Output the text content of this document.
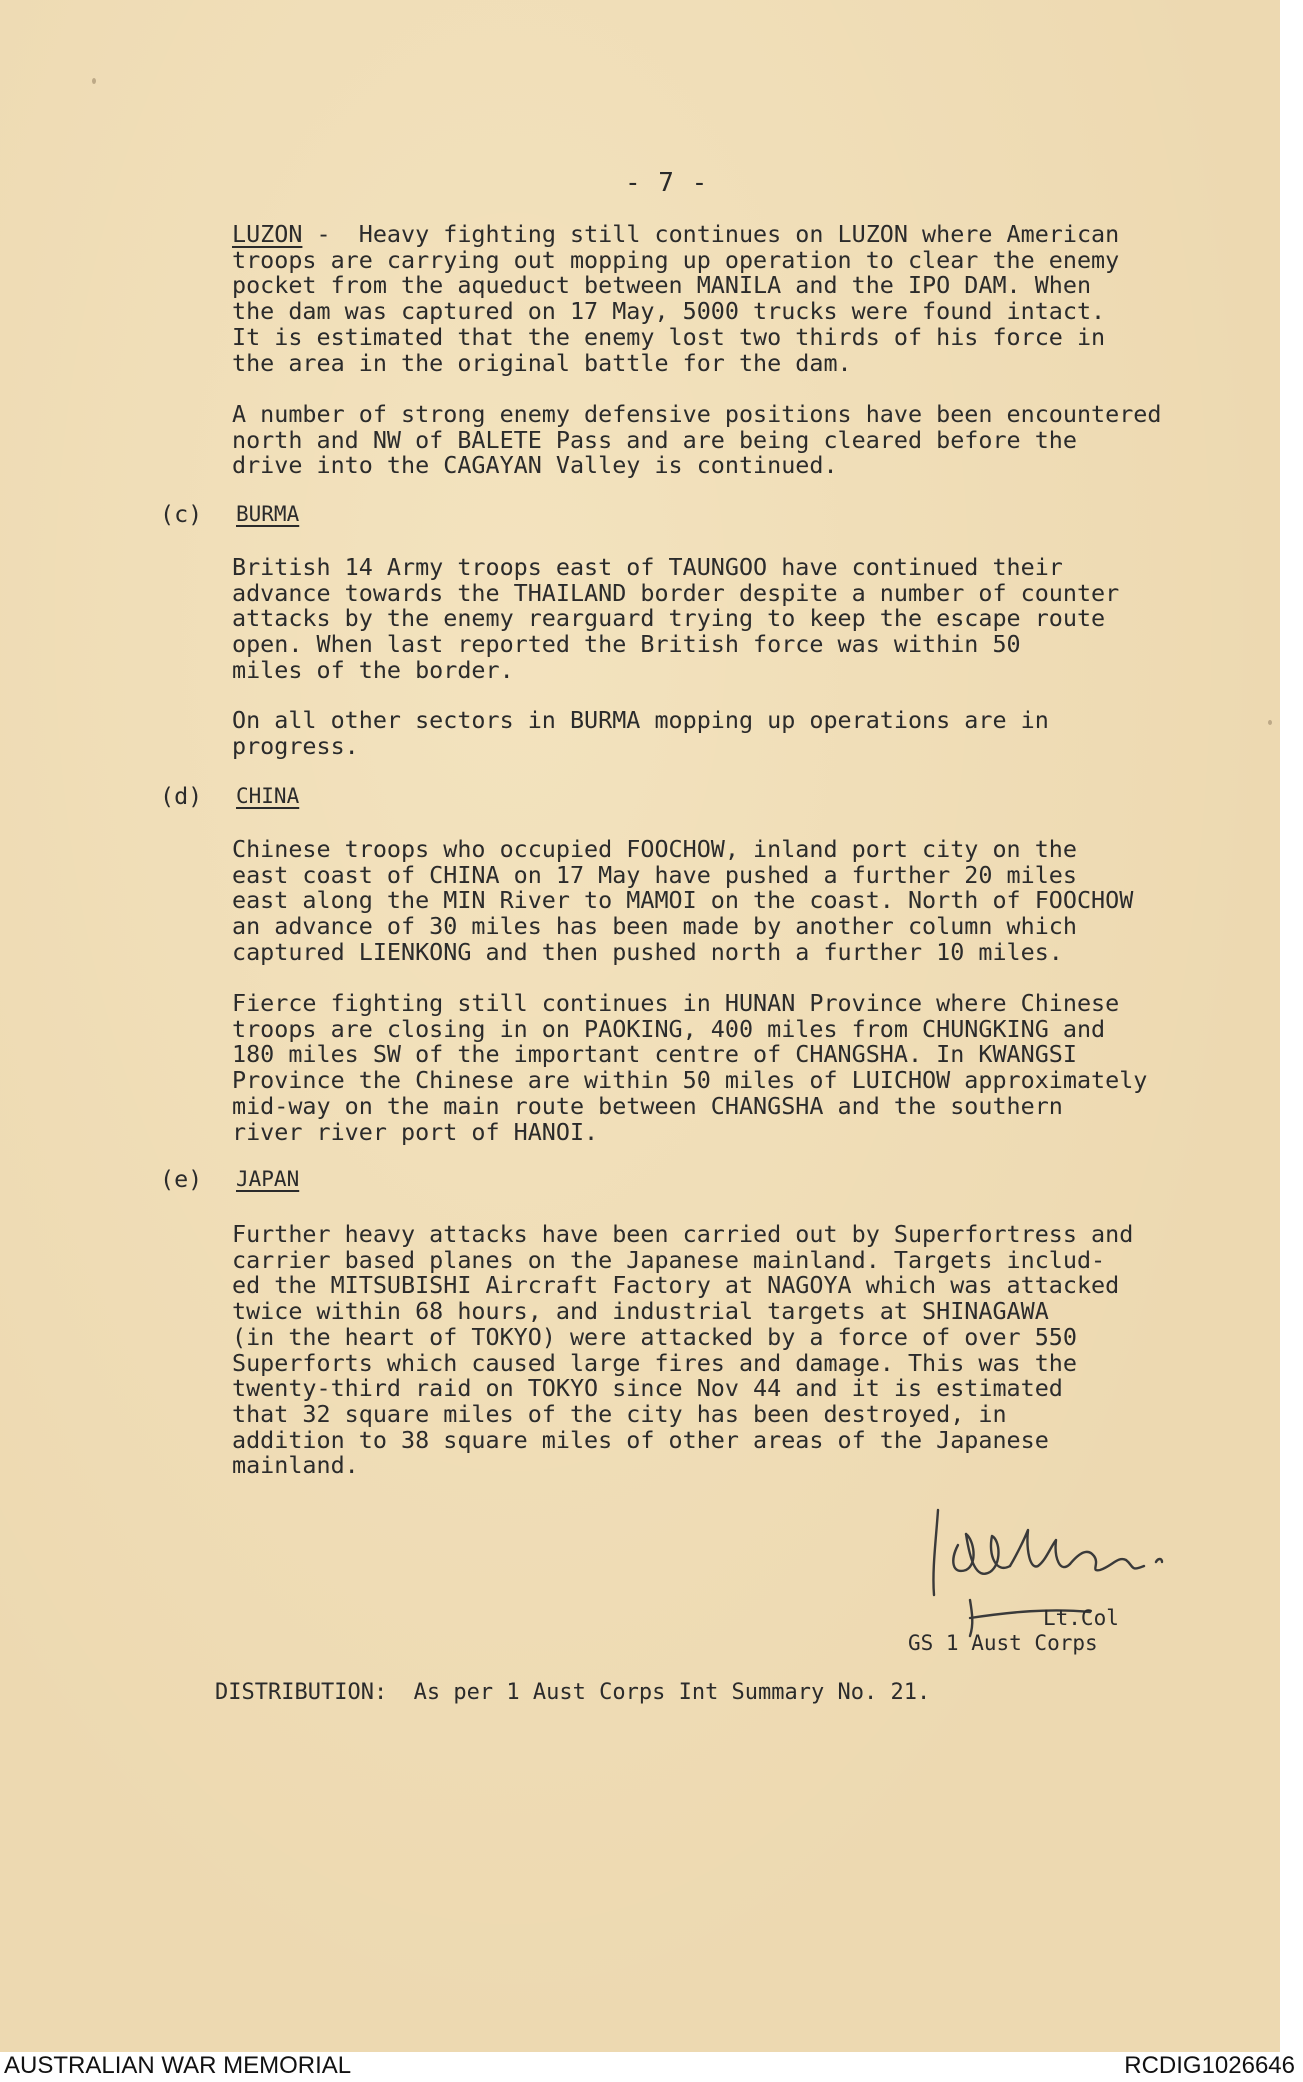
- 7 -
LUZON -  Heavy fighting still continues on LUZON where American
troops are carrying out mopping up operation to clear the enemy
pocket from the aqueduct between MANILA and the IPO DAM. When
the dam was captured on 17 May, 5000 trucks were found intact.
It is estimated that the enemy lost two thirds of his force in
the area in the original battle for the dam.
A number of strong enemy defensive positions have been encountered
north and NW of BALETE Pass and are being cleared before the
drive into the CAGAYAN Valley is continued.
(c) BURMA
British 14 Army troops east of TAUNGOO have continued their
advance towards the THAILAND border despite a number of counter
attacks by the enemy rearguard trying to keep the escape route
open. When last reported the British force was within 50
miles of the border.
On all other sectors in BURMA mopping up operations are in
progress.
(d) CHINA
Chinese troops who occupied FOOCHOW, inland port city on the
east coast of CHINA on 17 May have pushed a further 20 miles
east along the MIN River to MAMOI on the coast. North of FOOCHOW
an advance of 30 miles has been made by another column which
captured LIENKONG and then pushed north a further 10 miles.
Fierce fighting still continues in HUNAN Province where Chinese
troops are closing in on PAOKING, 400 miles from CHUNGKING and
180 miles SW of the important centre of CHANGSHA. In KWANGSI
Province the Chinese are within 50 miles of LUICHOW approximately
mid-way on the main route between CHANGSHA and the southern
river river port of HANOI.
(e) JAPAN
Further heavy attacks have been carried out by Superfortress and
carrier based planes on the Japanese mainland. Targets includ-
ed the MITSUBISHI Aircraft Factory at NAGOYA which was attacked
twice within 68 hours, and industrial targets at SHINAGAWA
(in the heart of TOKYO) were attacked by a force of over 550
Superforts which caused large fires and damage. This was the
twenty-third raid on TOKYO since Nov 44 and it is estimated
that 32 square miles of the city has been destroyed, in
addition to 38 square miles of other areas of the Japanese
mainland.
Lt.Col
GS 1 Aust Corps
DISTRIBUTION:  As per 1 Aust Corps Int Summary No. 21.
AUSTRALIAN WAR MEMORIAL	RCDIG1026646
